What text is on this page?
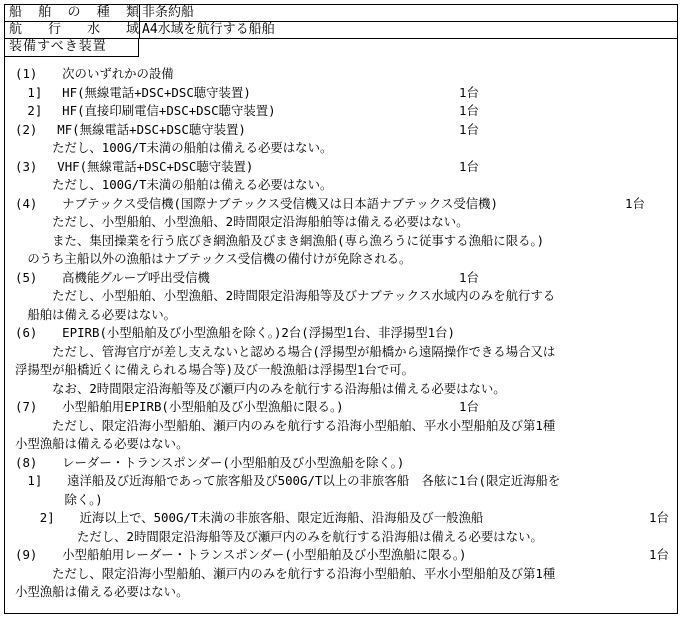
船 舶 の 種 類 非条約船
航 行 水 域 A4水域を航行する船舶
装備すべき装置
(1)　　次のいずれかの設備
　1]　 HF(無線電話+DSC+DSC聴守装置)	1台
　2]　 HF(直接印刷電信+DSC+DSC聴守装置)	1台
(2)　 MF(無線電話+DSC+DSC聴守装置)	1台
　　　ただし、100G/T未満の船舶は備える必要はない。
(3)　 VHF(無線電話+DSC+DSC聴守装置)	1台
　　　ただし、100G/T未満の船舶は備える必要はない。
(4)　　ナブテックス受信機(国際ナブテックス受信機又は日本語ナブテックス受信機)	1台
　　　ただし、小型船舶、小型漁船、2時間限定沿海船舶等は備える必要はない。
　　　また、集団操業を行う底びき網漁船及びまき網漁船(専ら漁ろうに従事する漁船に限る。)
　のうち主船以外の漁船はナブテックス受信機の備付けが免除される。
(5)　　高機能グループ呼出受信機	1台
　　　ただし、小型船舶、小型漁船、2時間限定沿海船等及びナブテックス水域内のみを航行する
　船舶は備える必要はない。
(6)　　EPIRB(小型船舶及び小型漁船を除く。)2台(浮揚型1台、非浮揚型1台)
　　　ただし、管海官庁が差し支えないと認める場合(浮揚型が船橋から遠隔操作できる場合又は
浮揚型が船橋近くに備えられる場合等)及び一般漁船は浮揚型1台で可。
　　　なお、2時間限定沿海船等及び瀬戸内のみを航行する沿海船は備える必要はない。
(7)　　小型船舶用EPIRB(小型船舶及び小型漁船に限る。)	1台
　　　ただし、限定沿海小型船舶、瀬戸内のみを航行する沿海小型船舶、平水小型船舶及び第1種
小型漁船は備える必要はない。
(8)　　レーダー・トランスポンダー(小型船舶及び小型漁船を除く。)
　1]　　遠洋船及び近海船であって旅客船及び500G/T以上の非旅客船　各舷に1台(限定近海船を
　　　　除く。)
　　2]　　近海以上で、500G/T未満の非旅客船、限定近海船、沿海船及び一般漁船	1台
　　　　　ただし、2時間限定沿海船等及び瀬戸内のみを航行する沿海船は備える必要はない。
(9)　　小型船舶用レーダー・トランスポンダー(小型船舶及び小型漁船に限る。)	1台
　　　ただし、限定沿海小型船舶、瀬戸内のみを航行する沿海小型船舶、平水小型船舶及び第1種
小型漁船は備える必要はない。
